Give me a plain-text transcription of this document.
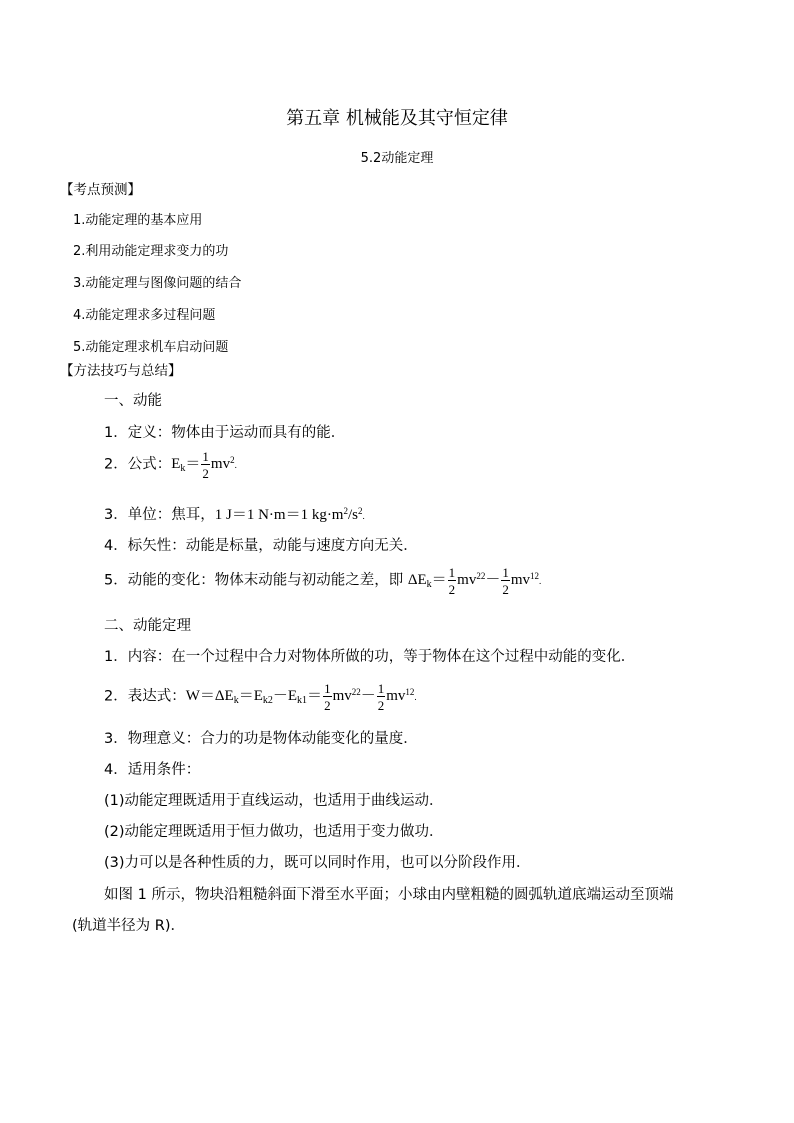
第五章 机械能及其守恒定律
5.2动能定理
【考点预测】
1.动能定理的基本应用
2.利用动能定理求变力的功
3.动能定理与图像问题的结合
4.动能定理求多过程问题
5.动能定理求机车启动问题
【方法技巧与总结】
一、动能
1．定义：物体由于运动而具有的能．
2．公式：$E_k= \frac{1}{2} mv^2$.
3．单位：焦耳，1 J＝1 N·m＝1 $kg\cdot m^2/s^2$.
4．标矢性：动能是标量，动能与速度方向无关．
5．动能的变化：物体末动能与初动能之差，即 $\Delta E_k= \frac{1}{2} mv^{22}- \frac{1}{2} mv^{12}$.
二、动能定理
1．内容：在一个过程中合力对物体所做的功，等于物体在这个过程中动能的变化．
2．表达式：$W=\Delta E_k=E_{k2}-E_{k1}= \frac{1}{2} mv^{22}- \frac{1}{2} mv^{12}$.
3．物理意义：合力的功是物体动能变化的量度．
4．适用条件：
(1)动能定理既适用于直线运动，也适用于曲线运动．
(2)动能定理既适用于恒力做功，也适用于变力做功．
(3)力可以是各种性质的力，既可以同时作用，也可以分阶段作用．
如图 1 所示，物块沿粗糙斜面下滑至水平面；小球由内壁粗糙的圆弧轨道底端运动至顶端
(轨道半径为 R)．
